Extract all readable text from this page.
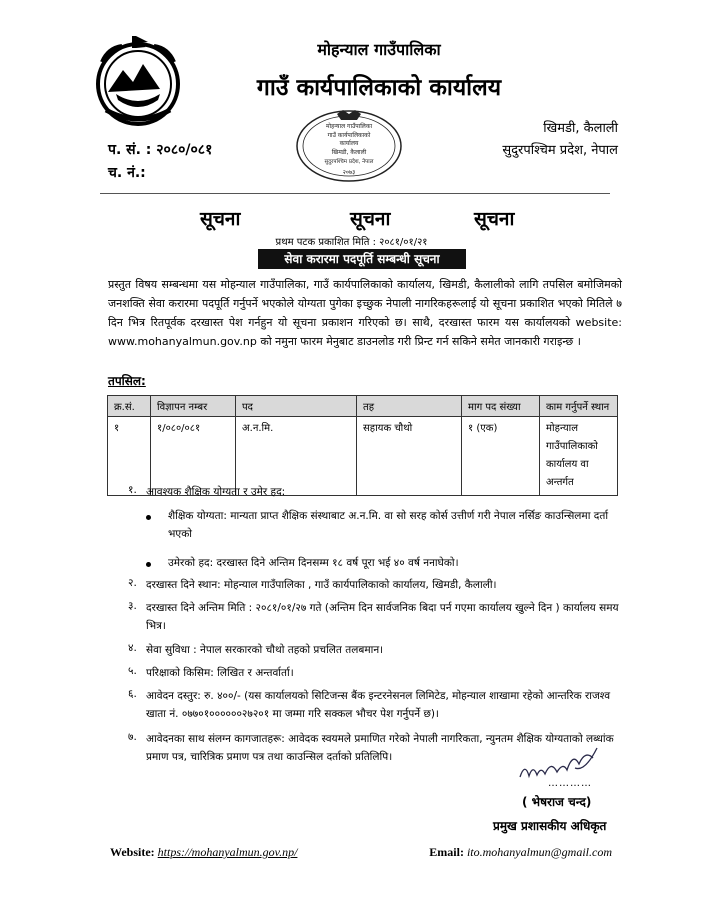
मोहन्याल गाउँपालिका
गाउँ कार्यपालिकाको कार्यालय
मोहन्याल गाउँपालिका
गाउँ कार्यपालिकाको
कार्यालय
खिमडी, कैलाली
सुदुरपश्चिम प्रदेश, नेपाल
२०७३
खिमडी, कैलाली
सुदुरपश्चिम प्रदेश, नेपाल
प. सं. : २०८०/०८१
च. नं.:
सूचना	सूचना	सूचना
प्रथम पटक प्रकाशित मिति : २०८१/०१/२१
सेवा करारमा पदपूर्ति सम्बन्धी सूचना
प्रस्तुत विषय सम्बन्धमा यस मोहन्याल गाउँपालिका, गाउँ कार्यपालिकाको कार्यालय, खिमडी, कैलालीको लागि तपसिल बमोजिमको जनशक्ति सेवा करारमा पदपूर्ति गर्नुपर्ने भएकोले योग्यता पुगेका इच्छुक नेपाली नागरिकहरूलाई यो सूचना प्रकाशित भएको मितिले ७ दिन भित्र रितपूर्वक दरखास्त पेश गर्नहुन यो सूचना प्रकाशन गरिएको छ। साथै, दरखास्त फारम यस कार्यालयको website: www.mohanyalmun.gov.np को नमुना फारम मेनुबाट डाउनलोड गरी प्रिन्ट गर्न सकिने समेत जानकारी गराइन्छ ।
तपसिल:
क्र.सं.	विज्ञापन नम्बर	पद	तह	माग पद संख्या	काम गर्नुपर्ने स्थान
१	१/०८०/०८१	अ.न.मि.	सहायक चौथो	१ (एक)	मोहन्याल गाउँपालिकाको कार्यालय वा अन्तर्गत
१. आवश्यक शैक्षिक योग्यता र उमेर हद:
शैक्षिक योग्यता: मान्यता प्राप्त शैक्षिक संस्थाबाट अ.न.मि. वा सो सरह कोर्स उत्तीर्ण गरी नेपाल नर्सिङ काउन्सिलमा दर्ता भएको
उमेरको हद: दरखास्त दिने अन्तिम दिनसम्म १८ वर्ष पूरा भई ४० वर्ष ननाघेको।
२. दरखास्त दिने स्थान: मोहन्याल गाउँपालिका , गाउँ कार्यपालिकाको कार्यालय, खिमडी, कैलाली।
३. दरखास्त दिने अन्तिम मिति : २०८१/०१/२७ गते (अन्तिम दिन सार्वजनिक बिदा पर्न गएमा कार्यालय खुल्ने दिन ) कार्यालय समय भित्र।
४. सेवा सुविधा : नेपाल सरकारको चौथो तहको प्रचलित तलबमान।
५. परिक्षाको किसिम: लिखित र अन्तर्वार्ता।
६. आवेदन दस्तुर: रु. ४००/- (यस कार्यालयको सिटिजन्स बैंक इन्टरनेसनल लिमिटेड, मोहन्याल शाखामा रहेको आन्तरिक राजश्व खाता नं. ०७७०१००००००२७२०१ मा जम्मा गरि सक्कल भौचर पेश गर्नुपर्ने छ)।
७. आवेदनका साथ संलग्न कागजातहरू: आवेदक स्वयमले प्रमाणित गरेको नेपाली नागरिकता, न्युनतम शैक्षिक योग्यताको लब्धांक प्रमाण पत्र, चारित्रिक प्रमाण पत्र तथा काउन्सिल दर्ताको प्रतिलिपि।
…………
( भेषराज चन्द)
प्रमुख प्रशासकीय अधिकृत
Website: https://mohanyalmun.gov.np/	Email: ito.mohanyalmun@gmail.com
